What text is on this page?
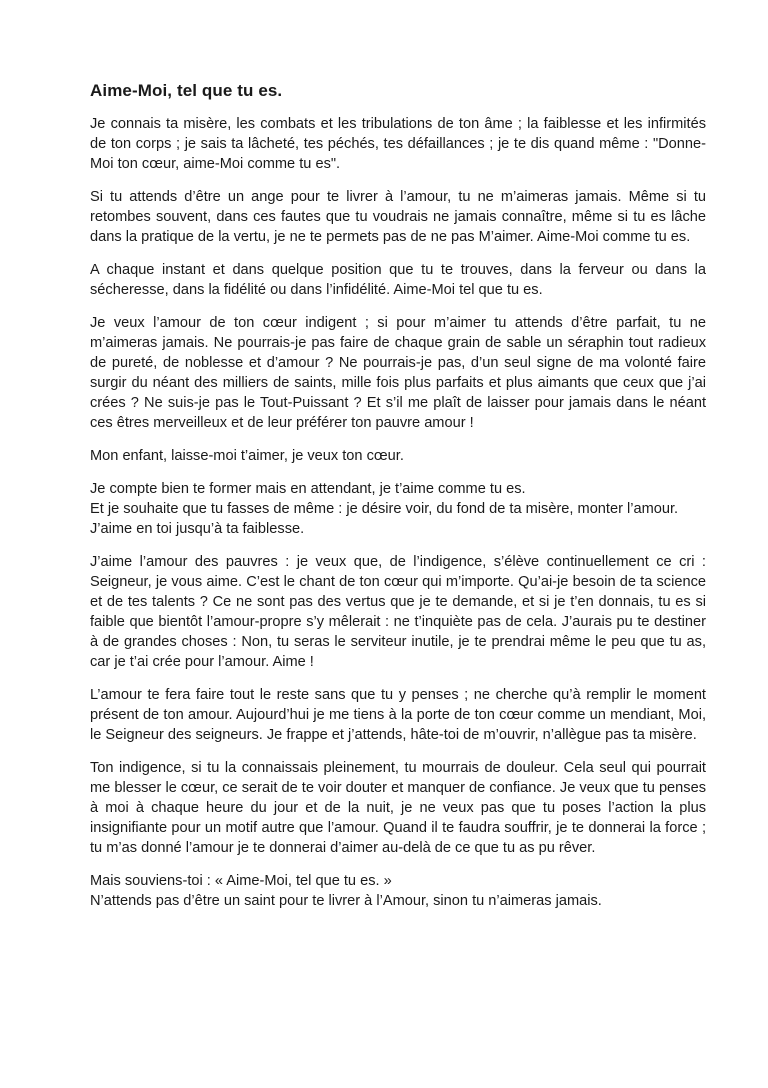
Aime-Moi, tel que tu es.
Je connais ta misère, les combats et les tribulations de ton âme ; la faiblesse et les infirmités de ton corps ; je sais ta lâcheté, tes péchés, tes défaillances ; je te dis quand même : "Donne-Moi ton cœur, aime-Moi comme tu es".
Si tu attends d’être un ange pour te livrer à l’amour, tu ne m’aimeras jamais. Même si tu retombes souvent, dans ces fautes que tu voudrais ne jamais connaître, même si tu es lâche dans la pratique de la vertu, je ne te permets pas de ne pas M’aimer. Aime-Moi comme tu es.
A chaque instant et dans quelque position que tu te trouves, dans la ferveur ou dans la sécheresse, dans la fidélité ou dans l’infidélité. Aime-Moi tel que tu es.
Je veux l’amour de ton cœur indigent ; si pour m’aimer tu attends d’être parfait, tu ne m’aimeras jamais. Ne pourrais-je pas faire de chaque grain de sable un séraphin tout radieux de pureté, de noblesse et d’amour ? Ne pourrais-je pas, d’un seul signe de ma volonté faire surgir du néant des milliers de saints, mille fois plus parfaits et plus aimants que ceux que j’ai crées ? Ne suis-je pas le Tout-Puissant ? Et s’il me plaît de laisser pour jamais dans le néant ces êtres merveilleux et de leur préférer ton pauvre amour !
Mon enfant, laisse-moi t’aimer, je veux ton cœur.
Je compte bien te former mais en attendant, je t’aime comme tu es.
Et je souhaite que tu fasses de même : je désire voir, du fond de ta misère, monter l’amour.
J’aime en toi jusqu’à ta faiblesse.
J’aime l’amour des pauvres : je veux que, de l’indigence, s’élève continuellement ce cri : Seigneur, je vous aime. C’est le chant de ton cœur qui m’importe. Qu’ai-je besoin de ta science et de tes talents ? Ce ne sont pas des vertus que je te demande, et si je t’en donnais, tu es si faible que bientôt l’amour-propre s’y mêlerait : ne t’inquiète pas de cela. J’aurais pu te destiner à de grandes choses : Non, tu seras le serviteur inutile, je te prendrai même le peu que tu as, car je t’ai crée pour l’amour. Aime !
L’amour te fera faire tout le reste sans que tu y penses ; ne cherche qu’à remplir le moment présent de ton amour. Aujourd’hui je me tiens à la porte de ton cœur comme un mendiant, Moi, le Seigneur des seigneurs. Je frappe et j’attends, hâte-toi de m’ouvrir, n’allègue pas ta misère.
Ton indigence, si tu la connaissais pleinement, tu mourrais de douleur. Cela seul qui pourrait me blesser le cœur, ce serait de te voir douter et manquer de confiance. Je veux que tu penses à moi à chaque heure du jour et de la nuit, je ne veux pas que tu poses l’action la plus insignifiante pour un motif autre que l’amour. Quand il te faudra souffrir, je te donnerai la force ; tu m’as donné l’amour je te donnerai d’aimer au-delà de ce que tu as pu rêver.
Mais souviens-toi : « Aime-Moi, tel que tu es. »
N’attends pas d’être un saint pour te livrer à l’Amour, sinon tu n’aimeras jamais.
